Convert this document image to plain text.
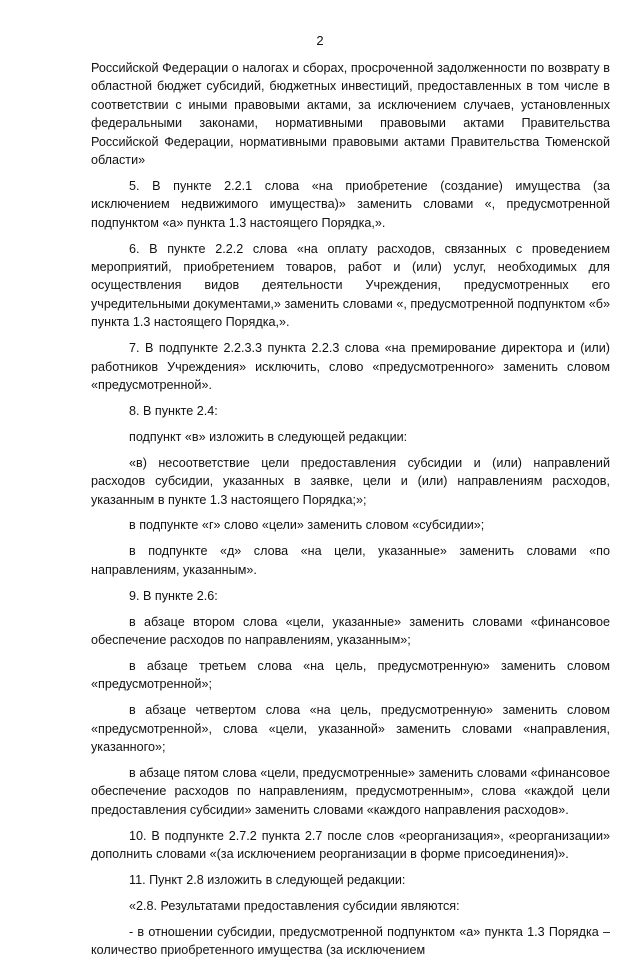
2

Российской Федерации о налогах и сборах, просроченной задолженности по возврату в областной бюджет субсидий, бюджетных инвестиций, предоставленных в том числе в соответствии с иными правовыми актами, за исключением случаев, установленных федеральными законами, нормативными правовыми актами Правительства Российской Федерации, нормативными правовыми актами Правительства Тюменской области»

5. В пункте 2.2.1 слова «на приобретение (создание) имущества (за исключением недвижимого имущества)» заменить словами «, предусмотренной подпунктом «а» пункта 1.3 настоящего Порядка,».

6. В пункте 2.2.2 слова «на оплату расходов, связанных с проведением мероприятий, приобретением товаров, работ и (или) услуг, необходимых для осуществления видов деятельности Учреждения, предусмотренных его учредительными документами,» заменить словами «, предусмотренной подпунктом «б» пункта 1.3 настоящего Порядка,».

7. В подпункте 2.2.3.3 пункта 2.2.3 слова «на премирование директора и (или) работников Учреждения» исключить, слово «предусмотренного» заменить словом «предусмотренной».

8. В пункте 2.4:

подпункт «в» изложить в следующей редакции:

«в) несоответствие цели предоставления субсидии и (или) направлений расходов субсидии, указанных в заявке, цели и (или) направлениям расходов, указанным в пункте 1.3 настоящего Порядка;»;

в подпункте «г» слово «цели» заменить словом «субсидии»;

в подпункте «д» слова «на цели, указанные» заменить словами «по направлениям, указанным».

9. В пункте 2.6:

в абзаце втором слова «цели, указанные» заменить словами «финансовое обеспечение расходов по направлениям, указанным»;

в абзаце третьем слова «на цель, предусмотренную» заменить словом «предусмотренной»;

в абзаце четвертом слова «на цель, предусмотренную» заменить словом «предусмотренной», слова «цели, указанной» заменить словами «направления, указанного»;

в абзаце пятом слова «цели, предусмотренные» заменить словами «финансовое обеспечение расходов по направлениям, предусмотренным», слова «каждой цели предоставления субсидии» заменить словами «каждого направления расходов».

10. В подпункте 2.7.2 пункта 2.7 после слов «реорганизация», «реорганизации» дополнить словами «(за исключением реорганизации в форме присоединения)».

11. Пункт 2.8 изложить в следующей редакции:

«2.8. Результатами предоставления субсидии являются:

- в отношении субсидии, предусмотренной подпунктом «а» пункта 1.3 Порядка – количество приобретенного имущества (за исключением
